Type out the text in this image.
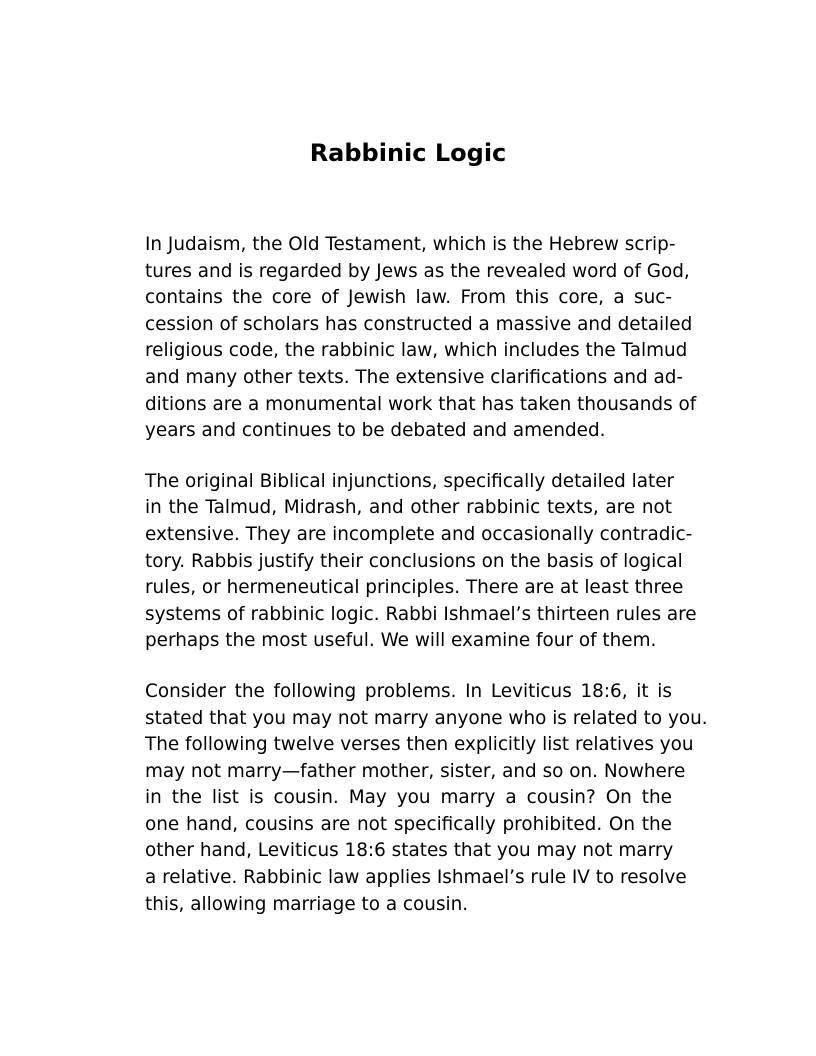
Rabbinic Logic

In Judaism, the Old Testament, which is the Hebrew scrip-
tures and is regarded by Jews as the revealed word of God,
contains the core of Jewish law. From this core, a suc-
cession of scholars has constructed a massive and detailed
religious code, the rabbinic law, which includes the Talmud
and many other texts. The extensive clarifications and ad-
ditions are a monumental work that has taken thousands of
years and continues to be debated and amended.

The original Biblical injunctions, specifically detailed later
in the Talmud, Midrash, and other rabbinic texts, are not
extensive. They are incomplete and occasionally contradic-
tory. Rabbis justify their conclusions on the basis of logical
rules, or hermeneutical principles. There are at least three
systems of rabbinic logic. Rabbi Ishmael’s thirteen rules are
perhaps the most useful. We will examine four of them.

Consider the following problems. In Leviticus 18:6, it is
stated that you may not marry anyone who is related to you.
The following twelve verses then explicitly list relatives you
may not marry—father mother, sister, and so on. Nowhere
in the list is cousin. May you marry a cousin? On the
one hand, cousins are not specifically prohibited. On the
other hand, Leviticus 18:6 states that you may not marry
a relative. Rabbinic law applies Ishmael’s rule IV to resolve
this, allowing marriage to a cousin.
